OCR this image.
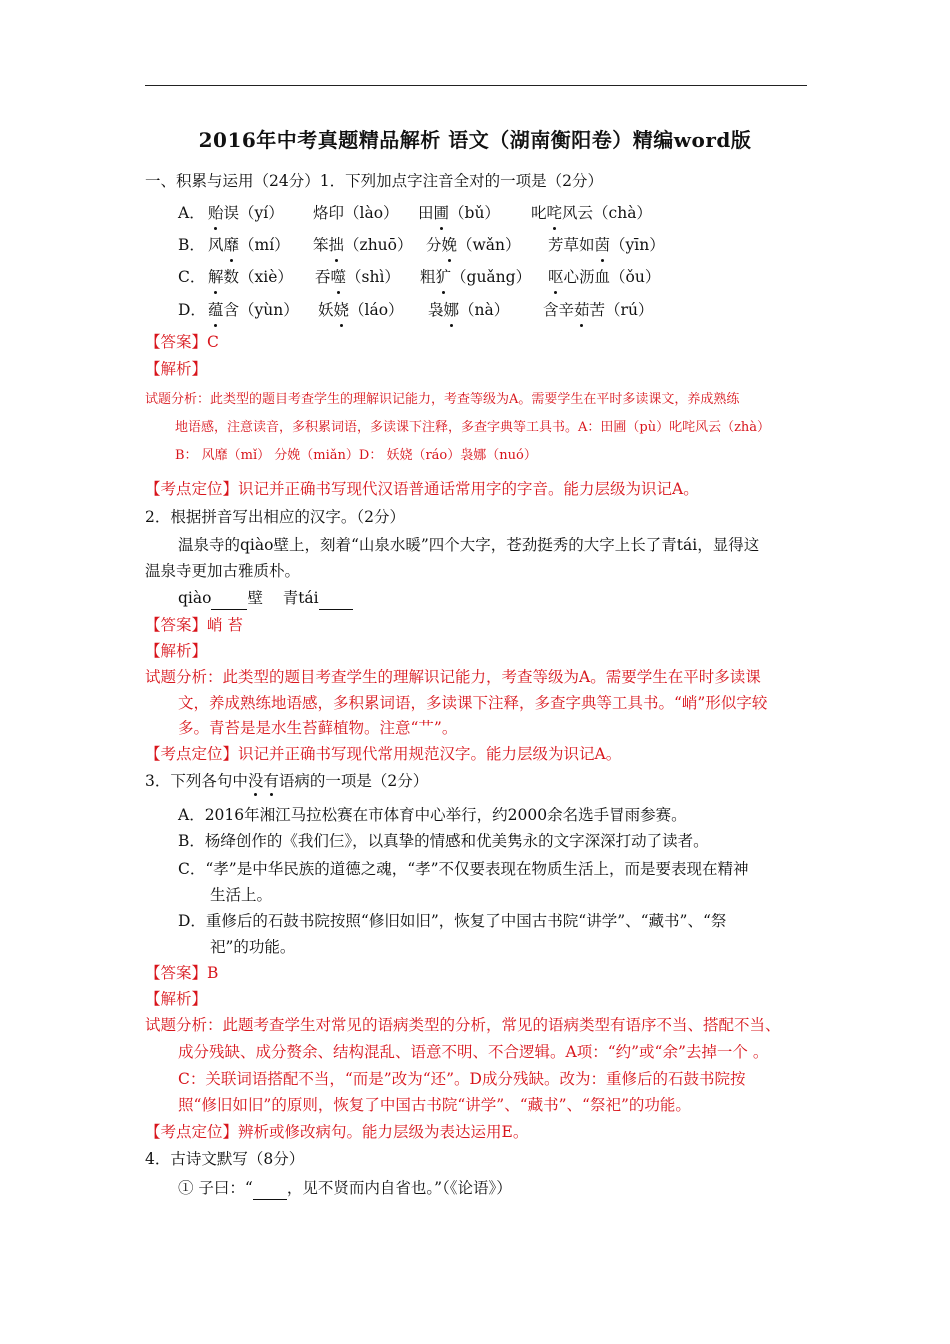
2016年中考真题精品解析 语文（湖南衡阳卷）精编word版
一、积累与运用（24分）1．下列加点字注音全对的一项是（2分）
A． 贻误（yí） 烙印（lào） 田圃（bǔ） 叱咤风云（chà）
B． 风靡（mí） 笨拙（zhuō） 分娩（wǎn） 芳草如茵（yīn）
C． 解数（xiè） 吞噬（shì） 粗犷（guǎng） 呕心沥血（ǒu）
D． 蕴含（yùn） 妖娆（láo） 袅娜（nà） 含辛茹苦（rú）
【答案】C
【解析】
试题分析：此类型的题目考查学生的理解识记能力，考查等级为A。需要学生在平时多读课文，养成熟练
地语感，注意读音，多积累词语，多读课下注释，多查字典等工具书。A：田圃（pù）叱咤风云（zhà）
B： 风靡（mǐ） 分娩（miǎn）D： 妖娆（ráo）袅娜（nuó）
【考点定位】识记并正确书写现代汉语普通话常用字的字音。能力层级为识记A。
2．根据拼音写出相应的汉字。（2分）
温泉寺的qiào壁上，刻着“山泉水暖”四个大字，苍劲挺秀的大字上长了青tái，显得这
温泉寺更加古雅质朴。
qiào 壁 青tái
【答案】峭 苔
【解析】
试题分析：此类型的题目考查学生的理解识记能力，考查等级为A。需要学生在平时多读课
文，养成熟练地语感，多积累词语，多读课下注释，多查字典等工具书。“峭”形似字较
多。青苔是是水生苔藓植物。注意“艹”。
【考点定位】识记并正确书写现代常用规范汉字。能力层级为识记A。
3．下列各句中没有语病的一项是（2分）
A．2016年湘江马拉松赛在市体育中心举行，约2000余名选手冒雨参赛。
B．杨绛创作的《我们仨》，以真挚的情感和优美隽永的文字深深打动了读者。
C．“孝”是中华民族的道德之魂，“孝”不仅要表现在物质生活上，而是要表现在精神
生活上。
D．重修后的石鼓书院按照“修旧如旧”，恢复了中国古书院“讲学”、“藏书”、“祭
祀”的功能。
【答案】B
【解析】
试题分析：此题考查学生对常见的语病类型的分析，常见的语病类型有语序不当、搭配不当、
成分残缺、成分赘余、结构混乱、语意不明、不合逻辑。A项：“约”或“余”去掉一个 。
C：关联词语搭配不当，“而是”改为“还”。D成分残缺。改为：重修后的石鼓书院按
照“修旧如旧”的原则，恢复了中国古书院“讲学”、“藏书”、“祭祀”的功能。
【考点定位】辨析或修改病句。能力层级为表达运用E。
4．古诗文默写（8分）
① 子曰：“ ，见不贤而内自省也。”（《论语》）
